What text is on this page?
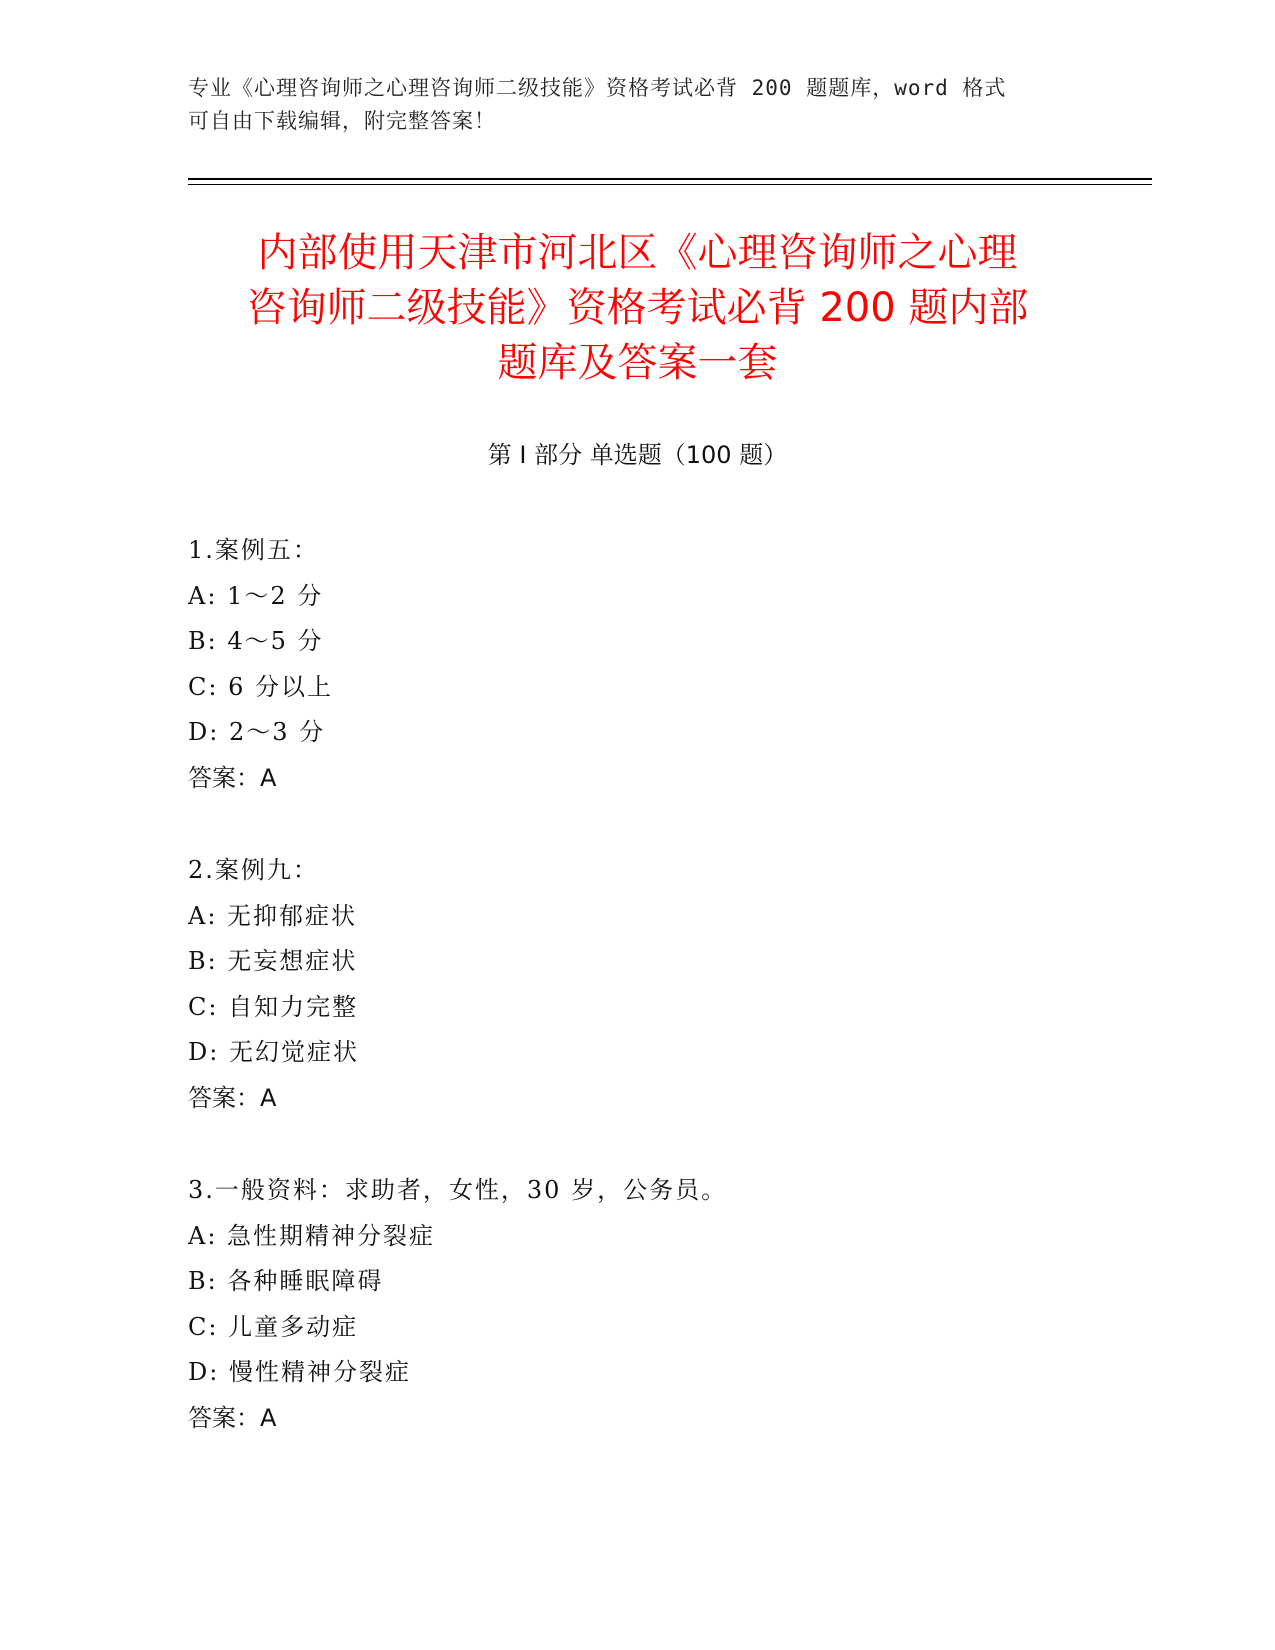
专业《心理咨询师之心理咨询师二级技能》资格考试必背 200 题题库，word 格式
可自由下载编辑，附完整答案！
内部使用天津市河北区《心理咨询师之心理
咨询师二级技能》资格考试必背 200 题内部
题库及答案一套
第 I 部分 单选题（100 题）
1.案例五：
A: 1～2 分
B: 4～5 分
C: 6 分以上
D: 2～3 分
答案：A
2.案例九：
A: 无抑郁症状
B: 无妄想症状
C: 自知力完整
D: 无幻觉症状
答案：A
3.一般资料：求助者，女性，30 岁，公务员。
A: 急性期精神分裂症
B: 各种睡眠障碍
C: 儿童多动症
D: 慢性精神分裂症
答案：A
